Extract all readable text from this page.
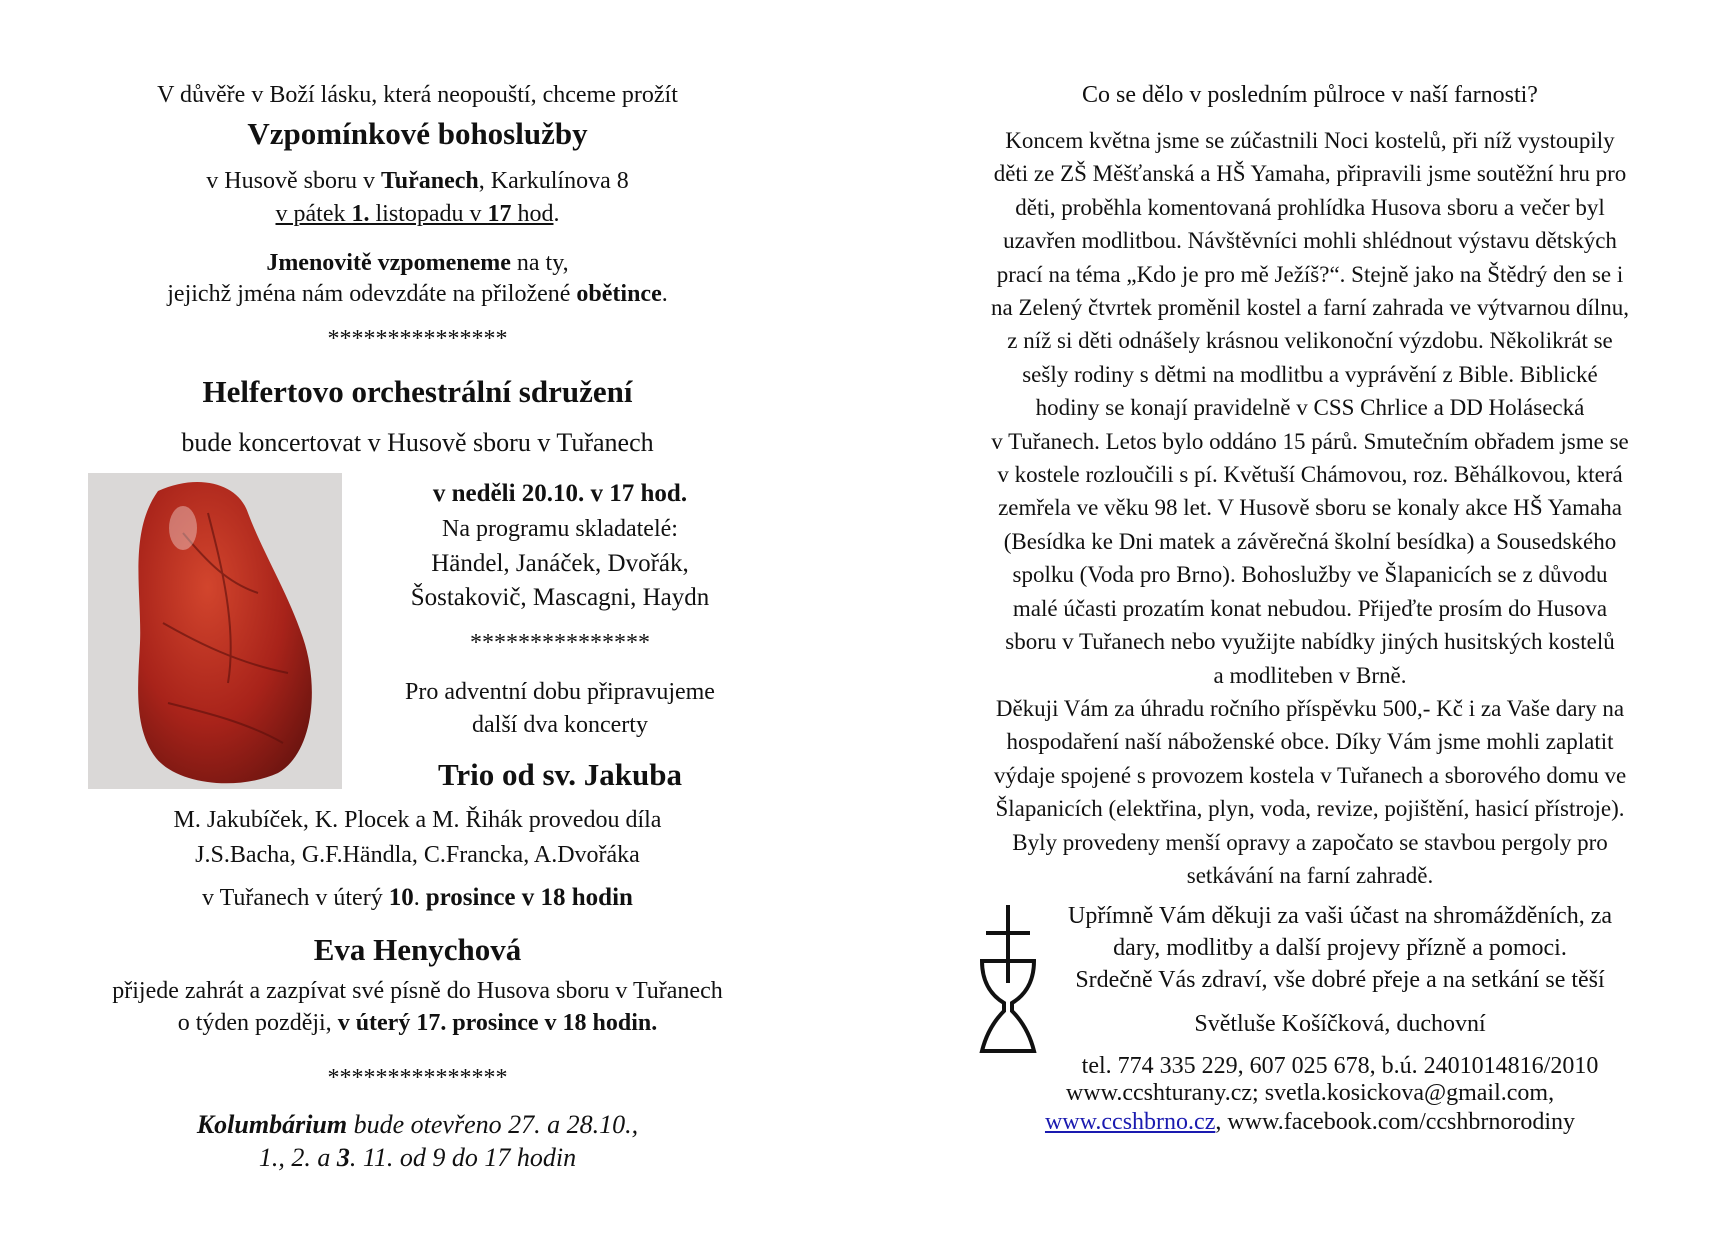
V důvěře v Boží lásku, která neopouští, chceme prožít
Vzpomínkové bohoslužby
v Husově sboru v Tuřanech, Karkulínova 8
v pátek 1. listopadu v 17 hod.
Jmenovitě vzpomeneme na ty,
jejichž jména nám odevzdáte na přiložené obětince.
***************
Helfertovo orchestrální sdružení
bude koncertovat v Husově sboru v Tuřanech
v neděli 20.10. v 17 hod.
Na programu skladatelé:
Händel, Janáček, Dvořák,
Šostakovič, Mascagni, Haydn
***************
Pro adventní dobu připravujeme
další dva koncerty
Trio od sv. Jakuba
M. Jakubíček, K. Plocek a M. Řihák provedou díla
J.S.Bacha, G.F.Händla, C.Francka, A.Dvořáka
v Tuřanech v úterý 10. prosince v 18 hodin
Eva Henychová
přijede zahrát a zazpívat své písně do Husova sboru v Tuřanech
o týden později, v úterý 17. prosince v 18 hodin.
***************
Kolumbárium bude otevřeno 27. a 28.10.,
1., 2. a 3. 11. od 9 do 17 hodin
Co se dělo v posledním půlroce v naší farnosti?
Koncem května jsme se zúčastnili Noci kostelů, při níž vystoupily
děti ze ZŠ Měšťanská a HŠ Yamaha, připravili jsme soutěžní hru pro
děti, proběhla komentovaná prohlídka Husova sboru a večer byl
uzavřen modlitbou. Návštěvníci mohli shlédnout výstavu dětských
prací na téma „Kdo je pro mě Ježíš?“. Stejně jako na Štědrý den se i
na Zelený čtvrtek proměnil kostel a farní zahrada ve výtvarnou dílnu,
z níž si děti odnášely krásnou velikonoční výzdobu. Několikrát se
sešly rodiny s dětmi na modlitbu a vyprávění z Bible. Biblické
hodiny se konají pravidelně v CSS Chrlice a DD Holásecká
v Tuřanech. Letos bylo oddáno 15 párů. Smutečním obřadem jsme se
v kostele rozloučili s pí. Květuší Chámovou, roz. Běhálkovou, která
zemřela ve věku 98 let. V Husově sboru se konaly akce HŠ Yamaha
(Besídka ke Dni matek a závěrečná školní besídka) a Sousedského
spolku (Voda pro Brno). Bohoslužby ve Šlapanicích se z důvodu
malé účasti prozatím konat nebudou. Přijeďte prosím do Husova
sboru v Tuřanech nebo využijte nabídky jiných husitských kostelů
a modliteben v Brně.
Děkuji Vám za úhradu ročního příspěvku 500,- Kč i za Vaše dary na
hospodaření naší náboženské obce. Díky Vám jsme mohli zaplatit
výdaje spojené s provozem kostela v Tuřanech a sborového domu ve
Šlapanicích (elektřina, plyn, voda, revize, pojištění, hasicí přístroje).
Byly provedeny menší opravy a započato se stavbou pergoly pro
setkávání na farní zahradě.
Upřímně Vám děkuji za vaši účast na shromážděních, za
dary, modlitby a další projevy přízně a pomoci.
Srdečně Vás zdraví, vše dobré přeje a na setkání se těší
Světluše Košíčková, duchovní
tel. 774 335 229, 607 025 678, b.ú. 2401014816/2010
www.ccshturany.cz; svetla.kosickova@gmail.com,
www.ccshbrno.cz, www.facebook.com/ccshbrnorodiny
